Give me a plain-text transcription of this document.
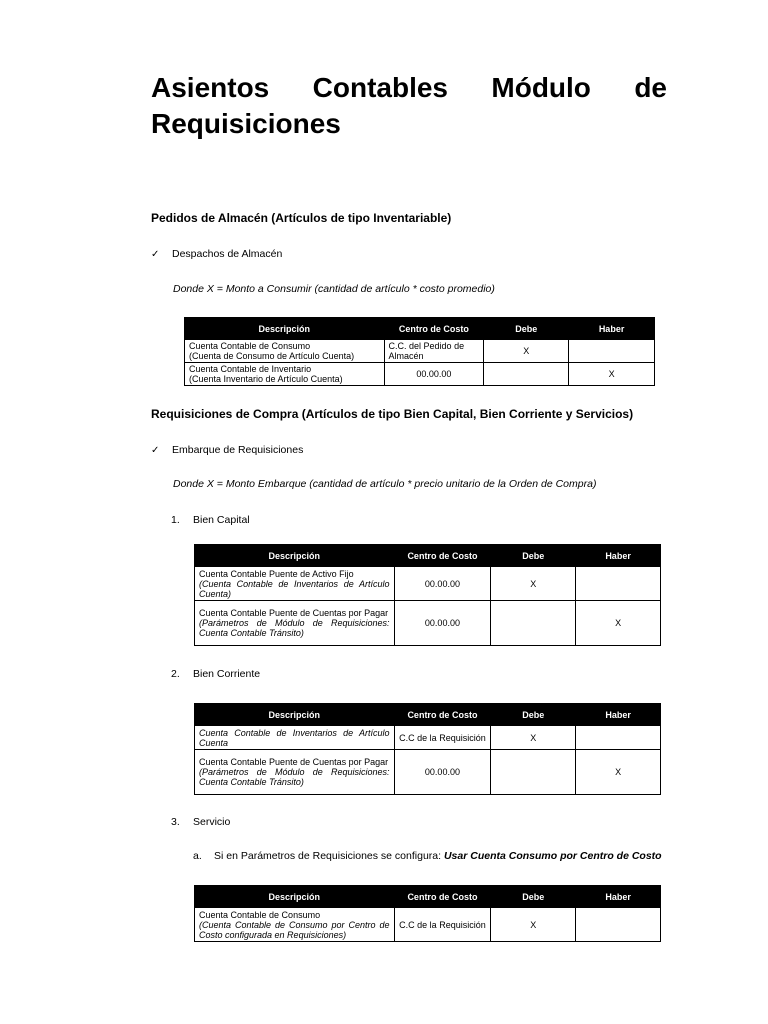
Asientos Contables Módulo de
Requisiciones
Pedidos de Almacén (Artículos de tipo Inventariable)
✓ Despachos de Almacén
Donde X = Monto a Consumir (cantidad de artículo * costo promedio)
Descripción	Centro de Costo	Debe	Haber

Cuenta Contable de Consumo
(Cuenta de Consumo de Artículo Cuenta)	C.C. del Pedido de Almacén	X	

Cuenta Contable de Inventario
(Cuenta Inventario de Artículo Cuenta)	00.00.00		X
Requisiciones de Compra (Artículos de tipo Bien Capital, Bien Corriente y Servicios)
✓ Embarque de Requisiciones
Donde X = Monto Embarque (cantidad de artículo * precio unitario de la Orden de Compra)
1. Bien Capital
Descripción	Centro de Costo	Debe	Haber

Cuenta Contable Puente de Activo Fijo
(Cuenta Contable de Inventarios de Artículo Cuenta)	00.00.00	X	

Cuenta Contable Puente de Cuentas por Pagar
(Parámetros de Módulo de Requisiciones: Cuenta Contable Tránsito)	00.00.00		X
2. Bien Corriente
Descripción	Centro de Costo	Debe	Haber
Cuenta Contable de Inventarios de Artículo Cuenta	C.C de la Requisición	X	

Cuenta Contable Puente de Cuentas por Pagar
(Parámetros de Módulo de Requisiciones: Cuenta Contable Tránsito)	00.00.00		X
3. Servicio
a. Si en Parámetros de Requisiciones se configura: Usar Cuenta Consumo por Centro de Costo
Descripción	Centro de Costo	Debe	Haber

Cuenta Contable de Consumo
(Cuenta Contable de Consumo por Centro de Costo configurada en Requisiciones)	C.C de la Requisición	X	
